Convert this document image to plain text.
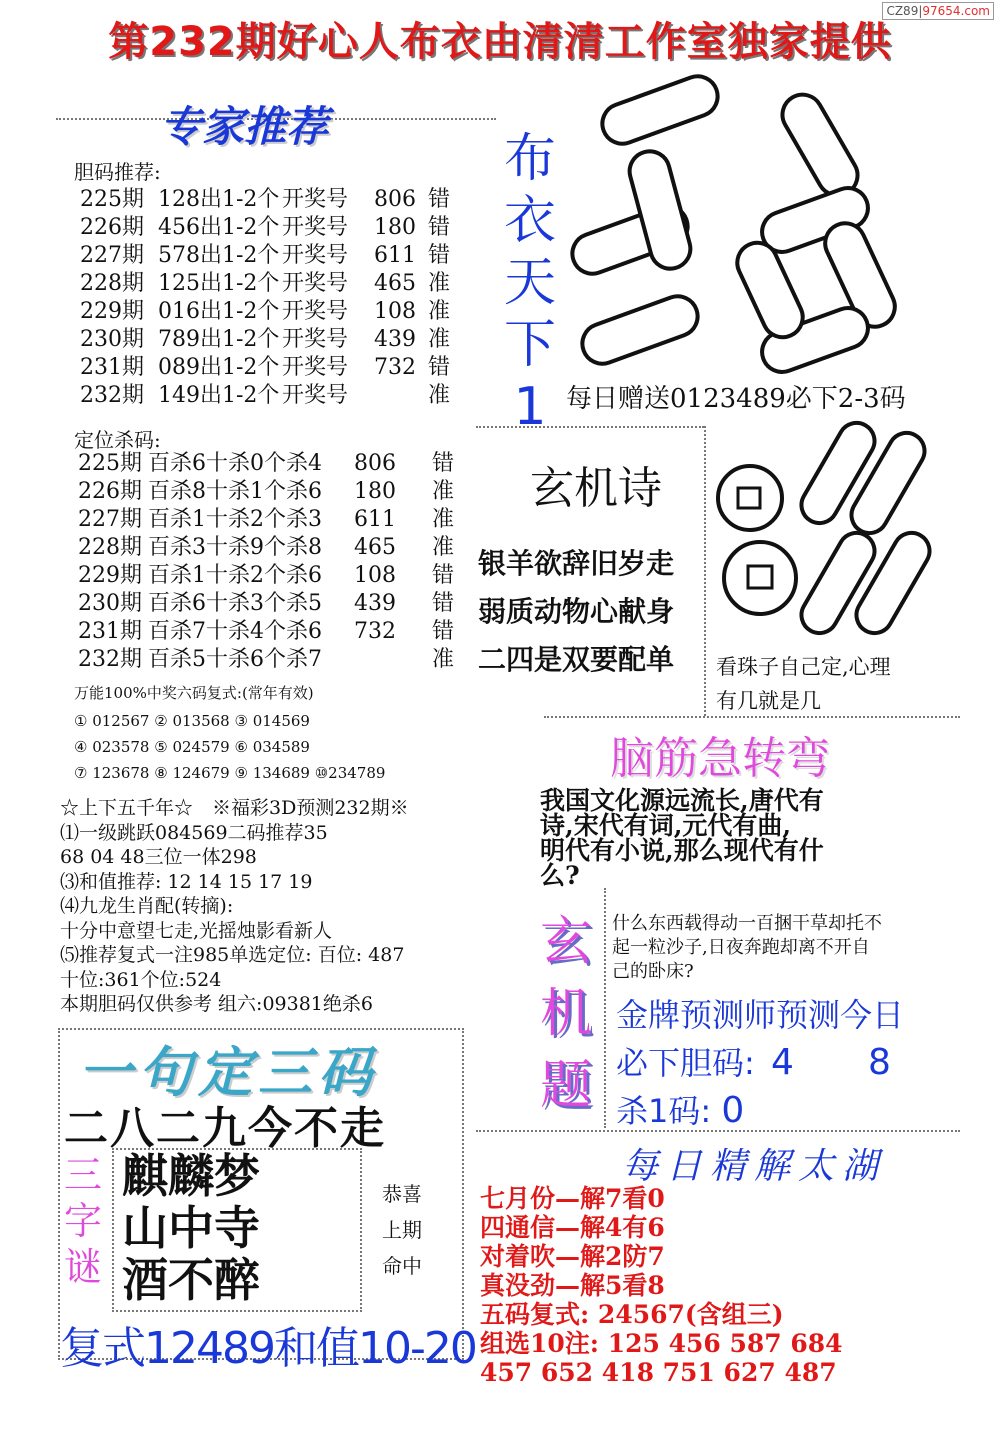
第232期好心人布衣由清清工作室独家提供
CZ89|97654.com
专家推荐
胆码推荐:
225期 128出1-2个 开奖号	806 错
226期 456出1-2个 开奖号	180 错
227期 578出1-2个 开奖号	611 错
228期 125出1-2个 开奖号	465 准
229期 016出1-2个 开奖号	108 准
230期 789出1-2个 开奖号	439 准
231期 089出1-2个 开奖号	732 错
232期 149出1-2个 开奖号	准
定位杀码:
225期 百杀6十杀0个杀4	806	错
226期 百杀8十杀1个杀6	180	准
227期 百杀1十杀2个杀3	611	准
228期 百杀3十杀9个杀8	465	准
229期 百杀1十杀2个杀6	108	错
230期 百杀6十杀3个杀5	439	错
231期 百杀7十杀4个杀6	732	错
232期 百杀5十杀6个杀7	准
万能100%中奖六码复式:(常年有效)
① 012567 ② 013568 ③ 014569
④ 023578 ⑤ 024579 ⑥ 034589
⑦ 123678 ⑧ 124679 ⑨ 134689 ⑩234789
☆上下五千年☆　※福彩3D预测232期※
⑴一级跳跃084569二码推荐35
68 04 48三位一体298
⑶和值推荐: 12 14 15 17 19
⑷九龙生肖配(转摘):
十分中意望七走,光摇烛影看新人
⑸推荐复式一注985单选定位: 百位: 487
十位:361个位:524
本期胆码仅供参考 组六:09381绝杀6
一句定三码
二八二九今不走
三
字
谜
麒麟梦
山中寺
酒不醉
恭喜
上期
命中
复式12489和值10-20
布
衣
天
下
1 每日赠送0123489必下2-3码
玄机诗
银羊欲辞旧岁走
弱质动物心献身
二四是双要配单 看珠子自己定,心理
有几就是几
脑筋急转弯
我国文化源远流长,唐代有
诗,宋代有词,元代有曲,
明代有小说,那么现代有什
么?
玄
机
题
什么东西载得动一百捆干草却托不
起一粒沙子,日夜奔跑却离不开自
己的卧床?
金牌预测师预测今日
必下胆码: 4 8
杀1码: 0
每日精解太湖
七月份—解7看0
四通信—解4有6
对着吹—解2防7
真没劲—解5看8
五码复式: 24567(含组三)
组选10注: 125 456 587 684
457 652 418 751 627 487
